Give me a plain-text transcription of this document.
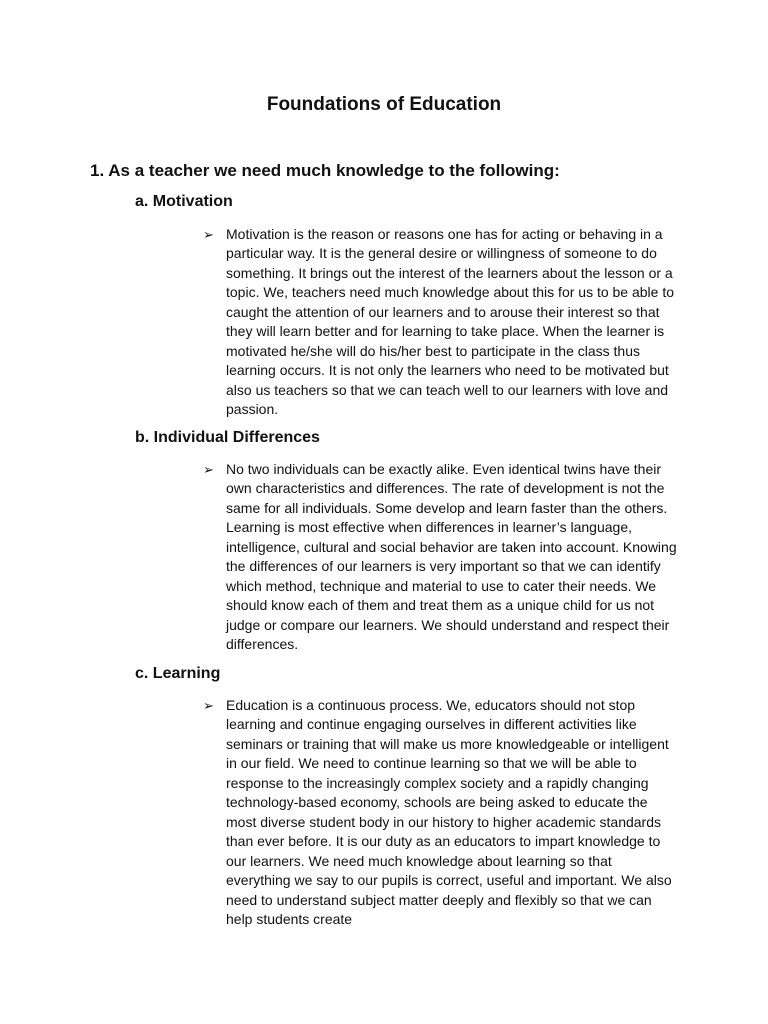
Foundations of Education
1. As a teacher we need much knowledge to the following:
a. Motivation
➢ Motivation is the reason or reasons one has for acting or behaving in a particular way. It is the general desire or willingness of someone to do something. It brings out the interest of the learners about the lesson or a topic. We, teachers need much knowledge about this for us to be able to caught the attention of our learners and to arouse their interest so that they will learn better and for learning to take place. When the learner is motivated he/she will do his/her best to participate in the class thus learning occurs. It is not only the learners who need to be motivated but also us teachers so that we can teach well to our learners with love and passion.

b. Individual Differences
➢ No two individuals can be exactly alike. Even identical twins have their own characteristics and differences. The rate of development is not the same for all individuals. Some develop and learn faster than the others. Learning is most effective when differences in learner’s language, intelligence, cultural and social behavior are taken into account. Knowing the differences of our learners is very important so that we can identify which method, technique and material to use to cater their needs. We should know each of them and treat them as a unique child for us not judge or compare our learners. We should understand and respect their differences.

c. Learning
➢ Education is a continuous process. We, educators should not stop learning and continue engaging ourselves in different activities like seminars or training that will make us more knowledgeable or intelligent in our field. We need to continue learning so that we will be able to response to the increasingly complex society and a rapidly changing technology-based economy, schools are being asked to educate the most diverse student body in our history to higher academic standards than ever before. It is our duty as an educators to impart knowledge to our learners. We need much knowledge about learning so that everything we say to our pupils is correct, useful and important. We also need to understand subject matter deeply and flexibly so that we can help students create
